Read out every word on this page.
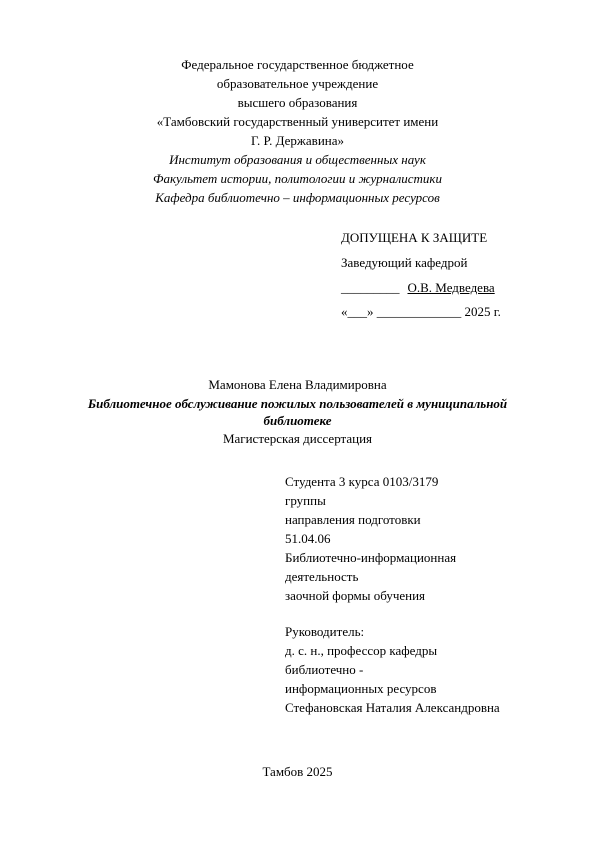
Федеральное государственное бюджетное
образовательное учреждение
высшего образования
«Тамбовский государственный университет имени
Г. Р. Державина»
Институт образования и общественных наук
Факультет истории, политологии и журналистики
Кафедра библиотечно – информационных ресурсов
ДОПУЩЕНА К ЗАЩИТЕ
Заведующий кафедрой
_________ О.В. Медведева
«___» _____________ 2025 г.
Мамонова Елена Владимировна
Библиотечное обслуживание пожилых пользователей в муниципальной
библиотеке
Магистерская диссертация
Студента 3 курса 0103/3179
группы
направления подготовки
51.04.06
Библиотечно-информационная
деятельность
заочной формы обучения
Руководитель:
д. с. н., профессор кафедры
библиотечно -
информационных ресурсов
Стефановская Наталия Александровна
Тамбов 2025
